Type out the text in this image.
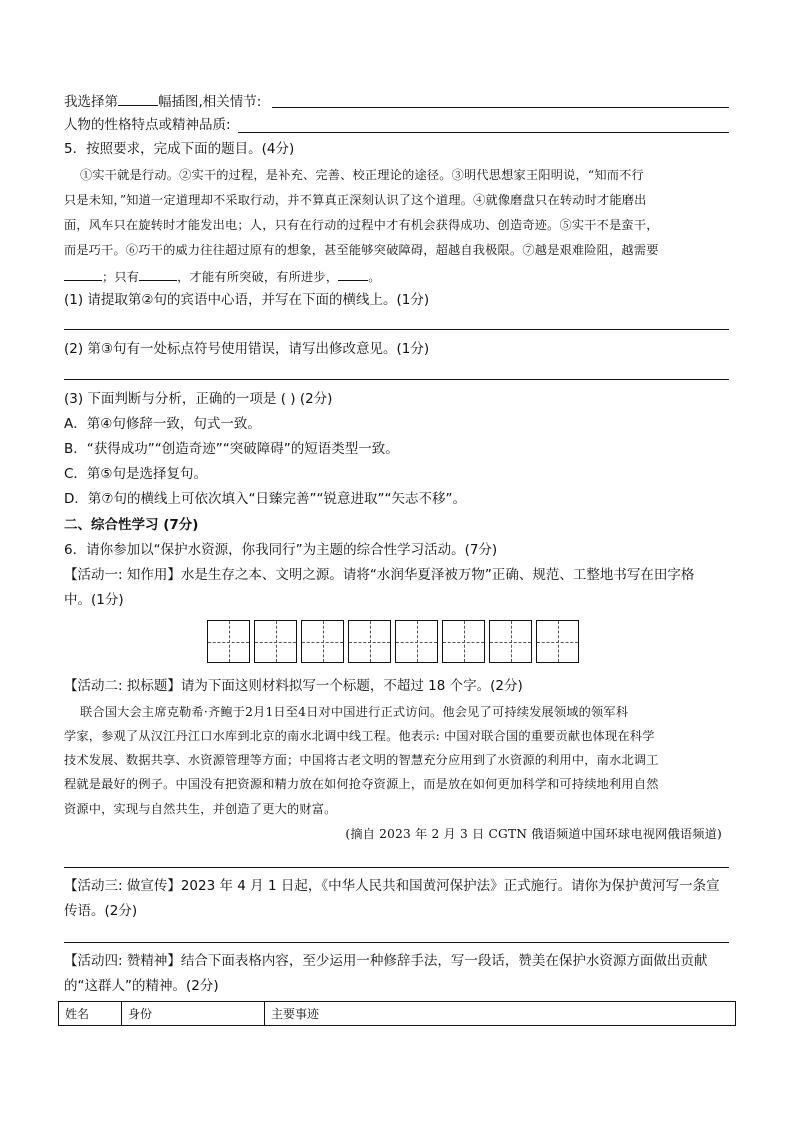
我选择第	幅插图,相关情节:
人物的性格特点或精神品质:
5．按照要求，完成下面的题目。(4分)
①实干就是行动。②实干的过程，是补充、完善、校正理论的途径。③明代思想家王阳明说，“知而不行
只是未知，”知道一定道理却不采取行动，并不算真正深刻认识了这个道理。④就像磨盘只在转动时才能磨出
面，风车只在旋转时才能发出电；人，只有在行动的过程中才有机会获得成功、创造奇迹。⑤实干不是蛮干，
而是巧干。⑥巧干的威力往往超过原有的想象，甚至能够突破障碍，超越自我极限。⑦越是艰难险阻，越需要
；只有	，才能有所突破，有所进步， 。
(1) 请提取第②句的宾语中心语，并写在下面的横线上。(1分)
(2) 第③句有一处标点符号使用错误，请写出修改意见。(1分)
(3) 下面判断与分析，正确的一项是 ( ) (2分)
A．第④句修辞一致，句式一致。
B．“获得成功”“创造奇迹”“突破障碍”的短语类型一致。
C．第⑤句是选择复句。
D．第⑦句的横线上可依次填入“日臻完善”“锐意进取”“矢志不移”。
二、综合性学习 (7分)
6．请你参加以“保护水资源，你我同行”为主题的综合性学习活动。(7分)
【活动一: 知作用】水是生存之本、文明之源。请将“水润华夏泽被万物”正确、规范、工整地书写在田字格
中。(1分)
【活动二: 拟标题】请为下面这则材料拟写一个标题，不超过 18 个字。(2分)
联合国大会主席克勒希·齐鲍于2月1日至4日对中国进行正式访问。他会见了可持续发展领域的领军科
学家，参观了从汉江丹江口水库到北京的南水北调中线工程。他表示: 中国对联合国的重要贡献也体现在科学
技术发展、数据共享、水资源管理等方面；中国将古老文明的智慧充分应用到了水资源的利用中，南水北调工
程就是最好的例子。中国没有把资源和精力放在如何抢夺资源上，而是放在如何更加科学和可持续地利用自然
资源中，实现与自然共生，并创造了更大的财富。
(摘自 2023 年 2 月 3 日 CGTN 俄语频道中国环球电视网俄语频道)
【活动三: 做宣传】2023 年 4 月 1 日起，《中华人民共和国黄河保护法》正式施行。请你为保护黄河写一条宣
传语。(2分)
【活动四: 赞精神】结合下面表格内容，至少运用一种修辞手法，写一段话，赞美在保护水资源方面做出贡献
的“这群人”的精神。(2分)
姓名	身份	主要事迹
